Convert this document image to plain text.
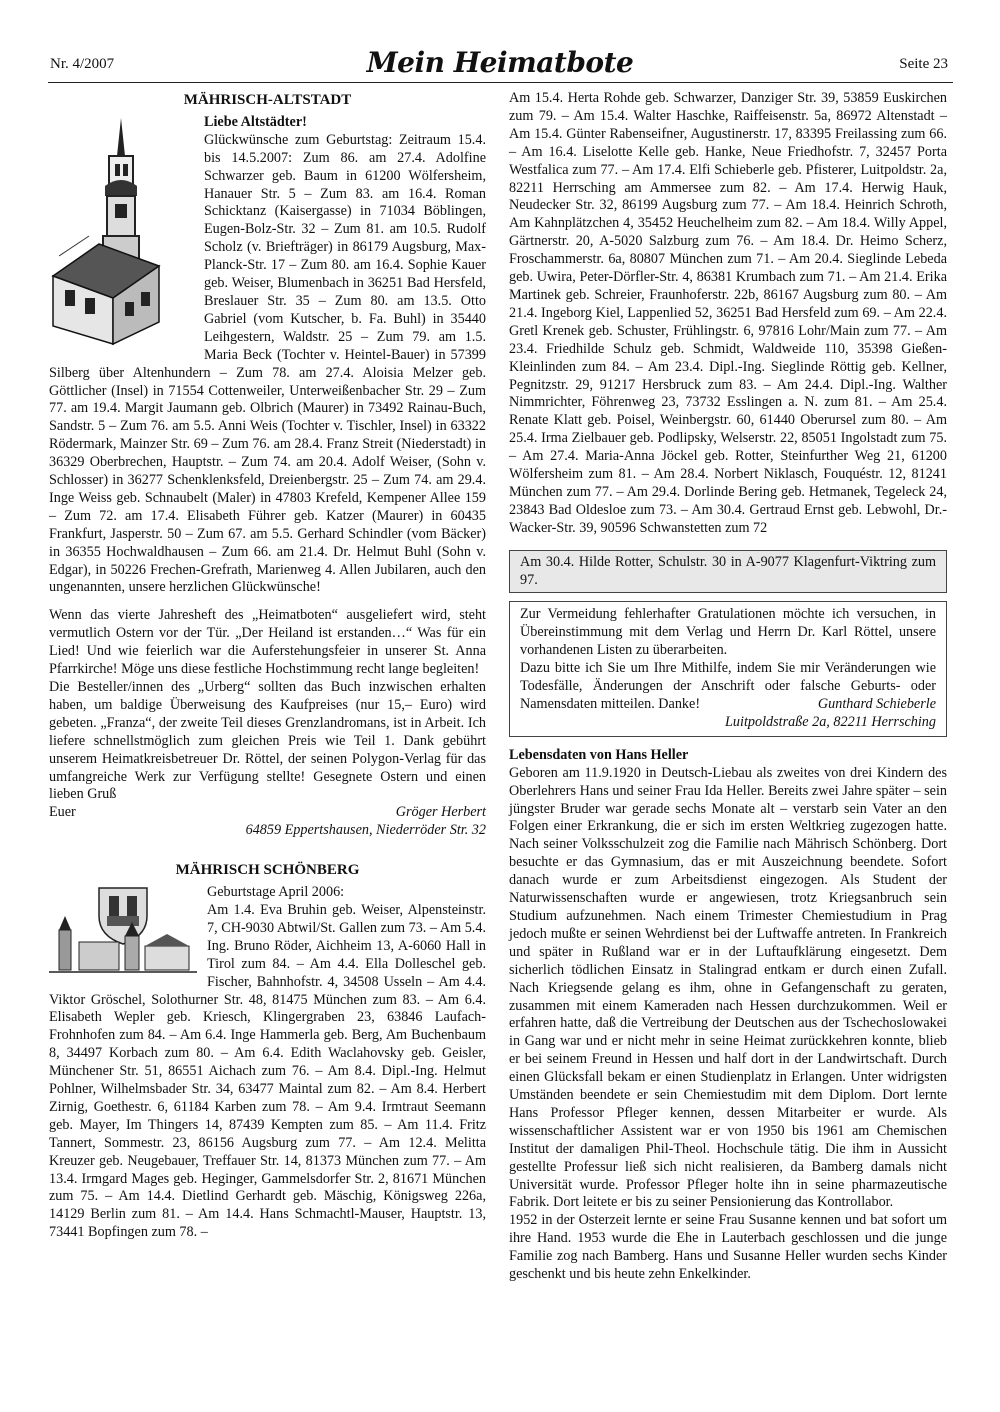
Nr. 4/2007	Mein Heimatbote	Seite 23
MÄHRISCH-ALTSTADT

Liebe Altstädter!

Glückwünsche zum Geburtstag: Zeitraum 15.4. bis 14.5.2007: Zum 86. am 27.4. Adolfine Schwarzer geb. Baum in 61200 Wölfersheim, Hanauer Str. 5 – Zum 83. am 16.4. Roman Schicktanz (Kaisergasse) in 71034 Böblingen, Eugen-Bolz-Str. 32 – Zum 81. am 10.5. Rudolf Scholz (v. Briefträger) in 86179 Augsburg, Max-Planck-Str. 17 – Zum 80. am 16.4. Sophie Kauer geb. Weiser, Blumenbach in 36251 Bad Hersfeld, Breslauer Str. 35 – Zum 80. am 13.5. Otto Gabriel (vom Kutscher, b. Fa. Buhl) in 35440 Leihgestern, Waldstr. 25 – Zum 79. am 1.5. Maria Beck (Tochter v. Heintel-Bauer) in 57399 Silberg über Altenhundern – Zum 78. am 27.4. Aloisia Melzer geb. Göttlicher (Insel) in 71554 Cottenweiler, Unterweißenbacher Str. 29 – Zum 77. am 19.4. Margit Jaumann geb. Olbrich (Maurer) in 73492 Rainau-Buch, Sandstr. 5 – Zum 76. am 5.5. Anni Weis (Tochter v. Tischler, Insel) in 63322 Rödermark, Mainzer Str. 69 – Zum 76. am 28.4. Franz Streit (Niederstadt) in 36329 Oberbrechen, Hauptstr. – Zum 74. am 20.4. Adolf Weiser, (Sohn v. Schlosser) in 36277 Schenklenksfeld, Dreienbergstr. 25 – Zum 74. am 29.4. Inge Weiss geb. Schnaubelt (Maler) in 47803 Krefeld, Kempener Allee 159 – Zum 72. am 17.4. Elisabeth Führer geb. Katzer (Maurer) in 60435 Frankfurt, Jasperstr. 50 – Zum 67. am 5.5. Gerhard Schindler (vom Bäcker) in 36355 Hochwaldhausen – Zum 66. am 21.4. Dr. Helmut Buhl (Sohn v. Edgar), in 50226 Frechen-Grefrath, Marienweg 4. Allen Jubilaren, auch den ungenannten, unsere herzlichen Glückwünsche!

Wenn das vierte Jahresheft des „Heimatboten“ ausgeliefert wird, steht vermutlich Ostern vor der Tür. „Der Heiland ist erstanden…“ Was für ein Lied! Und wie feierlich war die Auferstehungsfeier in unserer St. Anna Pfarrkirche! Möge uns diese festliche Hochstimmung recht lange begleiten!

Die Besteller/innen des „Urberg“ sollten das Buch inzwischen erhalten haben, um baldige Überweisung des Kaufpreises (nur 15,– Euro) wird gebeten. „Franza“, der zweite Teil dieses Grenzlandromans, ist in Arbeit. Ich liefere schnellstmöglich zum gleichen Preis wie Teil 1. Dank gebührt unserem Heimatkreisbetreuer Dr. Röttel, der seinen Polygon-Verlag für das umfangreiche Werk zur Verfügung stellte! Gesegnete Ostern und einen lieben Gruß

Euer	Gröger Herbert
64859 Eppertshausen, Niederröder Str. 32
MÄHRISCH SCHÖNBERG

Geburtstage April 2006:

Am 1.4. Eva Bruhin geb. Weiser, Alpensteinstr. 7, CH-9030 Abtwil/St. Gallen zum 73. – Am 5.4. Ing. Bruno Röder, Aichheim 13, A-6060 Hall in Tirol zum 84. – Am 4.4. Ella Dolleschel geb. Fischer, Bahnhofstr. 4, 34508 Usseln – Am 4.4. Viktor Gröschel, Solothurner Str. 48, 81475 München zum 83. – Am 6.4. Elisabeth Wepler geb. Kriesch, Klingergraben 23, 63846 Laufach-Frohnhofen zum 84. – Am 6.4. Inge Hammerla geb. Berg, Am Buchenbaum 8, 34497 Korbach zum 80. – Am 6.4. Edith Waclahovsky geb. Geisler, Münchener Str. 51, 86551 Aichach zum 76. – Am 8.4. Dipl.-Ing. Helmut Pohlner, Wilhelmsbader Str. 34, 63477 Maintal zum 82. – Am 8.4. Herbert Zirnig, Goethestr. 6, 61184 Karben zum 78. – Am 9.4. Irmtraut Seemann geb. Mayer, Im Thingers 14, 87439 Kempten zum 85. – Am 11.4. Fritz Tannert, Sommestr. 23, 86156 Augsburg zum 77. – Am 12.4. Melitta Kreuzer geb. Neugebauer, Treffauer Str. 14, 81373 München zum 77. – Am 13.4. Irmgard Mages geb. Heginger, Gammelsdorfer Str. 2, 81671 München zum 75. – Am 14.4. Dietlind Gerhardt geb. Mäschig, Königsweg 226a, 14129 Berlin zum 81. – Am 14.4. Hans Schmachtl-Mauser, Hauptstr. 13, 73441 Bopfingen zum 78. –

Am 15.4. Herta Rohde geb. Schwarzer, Danziger Str. 39, 53859 Euskirchen zum 79. – Am 15.4. Walter Haschke, Raiffeisenstr. 5a, 86972 Altenstadt – Am 15.4. Günter Rabenseifner, Augustinerstr. 17, 83395 Freilassing zum 66. – Am 16.4. Liselotte Kelle geb. Hanke, Neue Friedhofstr. 7, 32457 Porta Westfalica zum 77. – Am 17.4. Elfi Schieberle geb. Pfisterer, Luitpoldstr. 2a, 82211 Herrsching am Ammersee zum 82. – Am 17.4. Herwig Hauk, Neudecker Str. 32, 86199 Augsburg zum 77. – Am 18.4. Heinrich Schroth, Am Kahnplätzchen 4, 35452 Heuchelheim zum 82. – Am 18.4. Willy Appel, Gärtnerstr. 20, A-5020 Salzburg zum 76. – Am 18.4. Dr. Heimo Scherz, Froschammerstr. 6a, 80807 München zum 71. – Am 20.4. Sieglinde Lebeda geb. Uwira, Peter-Dörfler-Str. 4, 86381 Krumbach zum 71. – Am 21.4. Erika Martinek geb. Schreier, Fraunhoferstr. 22b, 86167 Augsburg zum 80. – Am 21.4. Ingeborg Kiel, Lappenlied 52, 36251 Bad Hersfeld zum 69. – Am 22.4. Gretl Krenek geb. Schuster, Frühlingstr. 6, 97816 Lohr/Main zum 77. – Am 23.4. Friedhilde Schulz geb. Schmidt, Waldweide 110, 35398 Gießen-Kleinlinden zum 84. – Am 23.4. Dipl.-Ing. Sieglinde Röttig geb. Kellner, Pegnitzstr. 29, 91217 Hersbruck zum 83. – Am 24.4. Dipl.-Ing. Walther Nimmrichter, Föhrenweg 23, 73732 Esslingen a. N. zum 81. – Am 25.4. Renate Klatt geb. Poisel, Weinbergstr. 60, 61440 Oberursel zum 80. – Am 25.4. Irma Zielbauer geb. Podlipsky, Welserstr. 22, 85051 Ingolstadt zum 75. – Am 27.4. Maria-Anna Jöckel geb. Rotter, Steinfurther Weg 21, 61200 Wölfersheim zum 81. – Am 28.4. Norbert Niklasch, Fouquéstr. 12, 81241 München zum 77. – Am 29.4. Dorlinde Bering geb. Hetmanek, Tegeleck 24, 23843 Bad Oldesloe zum 73. – Am 30.4. Gertraud Ernst geb. Lebwohl, Dr.-Wacker-Str. 39, 90596 Schwanstetten zum 72

Am 30.4. Hilde Rotter, Schulstr. 30 in A-9077 Klagenfurt-Viktring zum 97.

Zur Vermeidung fehlerhafter Gratulationen möchte ich versuchen, in Übereinstimmung mit dem Verlag und Herrn Dr. Karl Röttel, unsere vorhandenen Listen zu überarbeiten.

Dazu bitte ich Sie um Ihre Mithilfe, indem Sie mir Veränderungen wie Todesfälle, Änderungen der Anschrift oder falsche Geburts- oder Namensdaten mitteilen. Danke!	Gunthard Schieberle

Luitpoldstraße 2a, 82211 Herrsching
Lebensdaten von Hans Heller

Geboren am 11.9.1920 in Deutsch-Liebau als zweites von drei Kindern des Oberlehrers Hans und seiner Frau Ida Heller. Bereits zwei Jahre später – sein jüngster Bruder war gerade sechs Monate alt – verstarb sein Vater an den Folgen einer Erkrankung, die er sich im ersten Weltkrieg zugezogen hatte. Nach seiner Volksschulzeit zog die Familie nach Mährisch Schönberg. Dort besuchte er das Gymnasium, das er mit Auszeichnung beendete. Sofort danach wurde er zum Arbeitsdienst eingezogen. Als Student der Naturwissenschaften wurde er angewiesen, trotz Kriegsanbruch sein Studium aufzunehmen. Nach einem Trimester Chemiestudium in Prag jedoch mußte er seinen Wehrdienst bei der Luftwaffe antreten. In Frankreich und später in Rußland war er in der Luftaufklärung eingesetzt. Dem sicherlich tödlichen Einsatz in Stalingrad entkam er durch einen Zufall. Nach Kriegsende gelang es ihm, ohne in Gefangenschaft zu geraten, zusammen mit einem Kameraden nach Hessen durchzukommen. Weil er erfahren hatte, daß die Vertreibung der Deutschen aus der Tschechoslowakei in Gang war und er nicht mehr in seine Heimat zurückkehren konnte, blieb er bei seinem Freund in Hessen und half dort in der Landwirtschaft. Durch einen Glücksfall bekam er einen Studienplatz in Erlangen. Unter widrigsten Umständen beendete er sein Chemiestudim mit dem Diplom. Dort lernte Hans Professor Pfleger kennen, dessen Mitarbeiter er wurde. Als wissenschaftlicher Assistent war er von 1950 bis 1961 am Chemischen Institut der damaligen Phil-Theol. Hochschule tätig. Die ihm in Aussicht gestellte Professur ließ sich nicht realisieren, da Bamberg damals nicht Universität wurde. Professor Pfleger holte ihn in seine pharmazeutische Fabrik. Dort leitete er bis zu seiner Pensionierung das Kontrollabor.

1952 in der Osterzeit lernte er seine Frau Susanne kennen und bat sofort um ihre Hand. 1953 wurde die Ehe in Lauterbach geschlossen und die junge Familie zog nach Bamberg. Hans und Susanne Heller wurden sechs Kinder geschenkt und bis heute zehn Enkelkinder.
